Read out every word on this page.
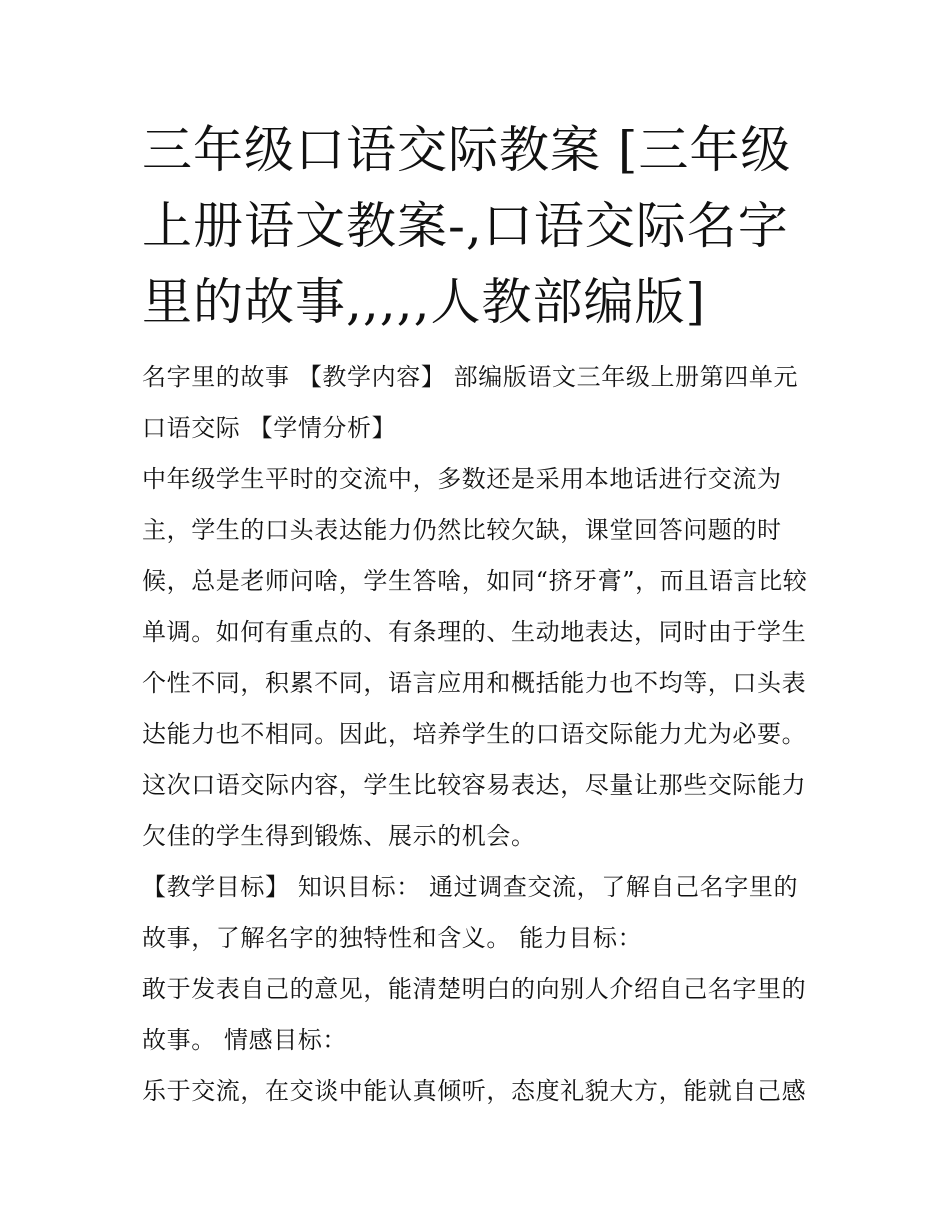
三年级口语交际教案 [三年级
上册语文教案-,口语交际名字
里的故事,,,,,人教部编版]
名字里的故事 【教学内容】 部编版语文三年级上册第四单元
口语交际 【学情分析】
中年级学生平时的交流中，多数还是采用本地话进行交流为
主，学生的口头表达能力仍然比较欠缺，课堂回答问题的时
候，总是老师问啥，学生答啥，如同“挤牙膏”，而且语言比较
单调。如何有重点的、有条理的、生动地表达，同时由于学生
个性不同，积累不同，语言应用和概括能力也不均等，口头表
达能力也不相同。因此，培养学生的口语交际能力尤为必要。
这次口语交际内容，学生比较容易表达，尽量让那些交际能力
欠佳的学生得到锻炼、展示的机会。
【教学目标】 知识目标： 通过调查交流，了解自己名字里的
故事，了解名字的独特性和含义。 能力目标：
敢于发表自己的意见，能清楚明白的向别人介绍自己名字里的
故事。 情感目标：
乐于交流，在交谈中能认真倾听，态度礼貌大方，能就自己感
